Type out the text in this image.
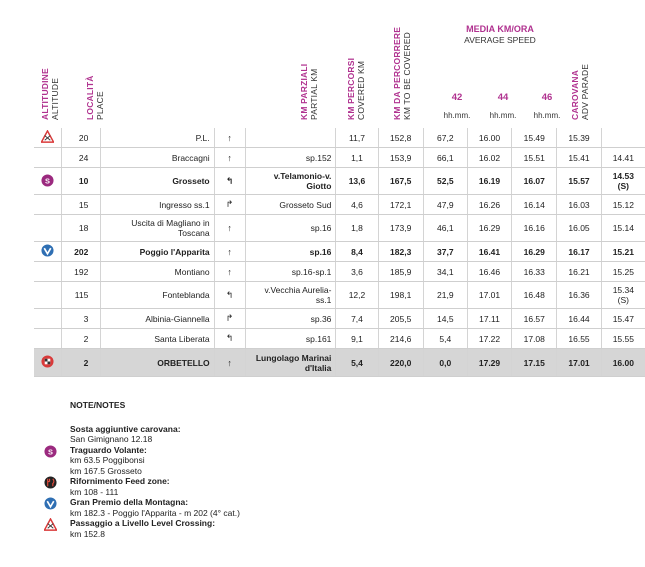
ALTITUDINE ALTITUDE	LOCALITÀ PLACE	KM PARZIALI PARTIAL KM	KM PERCORSI COVERED KM	KM DA PERCORRERE KM TO BE COVERED	CAROVANA ADV PARADE
MEDIA KM/ORA
AVERAGE SPEED
42	44	46
hh.mm.	hh.mm.	hh.mm.
	20	P.L.	↑		11,7	152,8	67,2	16.00	15.49	15.39	
	24	Braccagni	↑	sp.152	1,1	153,9	66,1	16.02	15.51	15.41	14.41

S	10	Grosseto	↰	v.Telamonio-v. Giotto	13,6	167,5	52,5	16.19	16.07	15.57	14.53 (S)
	15	Ingresso ss.1	↱	Grosseto Sud	4,6	172,1	47,9	16.26	16.14	16.03	15.12
	18	Uscita di Magliano in Toscana	↑	sp.16	1,8	173,9	46,1	16.29	16.16	16.05	15.14
	202	Poggio l'Apparita	↑	sp.16	8,4	182,3	37,7	16.41	16.29	16.17	15.21
	192	Montiano	↑	sp.16-sp.1	3,6	185,9	34,1	16.46	16.33	16.21	15.25
	115	Fonteblanda	↰	v.Vecchia Aurelia-ss.1	12,2	198,1	21,9	17.01	16.48	16.36	15.34 (S)
	3	Albinia-Giannella	↱	sp.36	7,4	205,5	14,5	17.11	16.57	16.44	15.47
	2	Santa Liberata	↰	sp.161	9,1	214,6	5,4	17.22	17.08	16.55	15.55
	2	ORBETELLO	↑	Lungolago Marinai d'Italia	5,4	220,0	0,0	17.29	17.15	17.01	16.00
NOTE/NOTES
Sosta aggiuntive carovana:
San Gimignano 12.18
S Traguardo Volante:
km 63.5 Poggibonsi
km 167.5 Grosseto
Rifornimento Feed zone:
km 108 - 111
Gran Premio della Montagna:
km 182.3 - Poggio l'Apparita - m 202 (4° cat.)
Passaggio a Livello Level Crossing:
km 152.8
